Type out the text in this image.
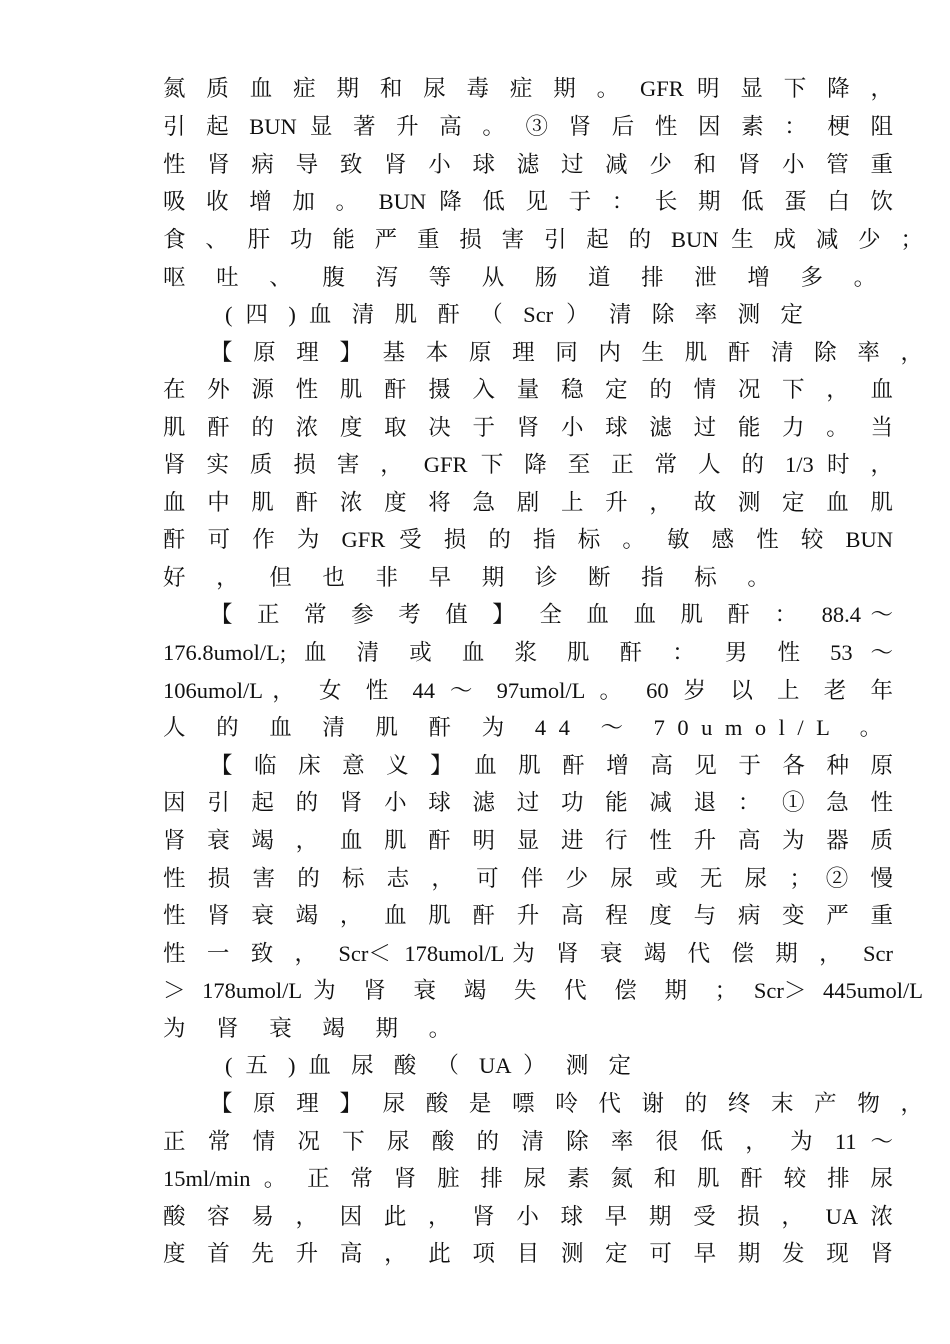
氮 质 血 症 期 和 尿 毒 症 期 。 GFR 明 显 下 降 ，
引 起 BUN 显 著 升 高 。 ③ 肾 后 性 因 素 ： 梗 阻
性 肾 病 导 致 肾 小 球 滤 过 减 少 和 肾 小 管 重
吸 收 增 加 。 BUN 降 低 见 于 ： 长 期 低 蛋 白 饮
食 、 肝 功 能 严 重 损 害 引 起 的 BUN 生 成 减 少 ；
呕 吐 、 腹 泻 等 从 肠 道 排 泄 增 多 。
( 四 ) 血 清 肌 酐 （ Scr ） 清 除 率 测 定
【 原 理 】 基 本 原 理 同 内 生 肌 酐 清 除 率 ，
在 外 源 性 肌 酐 摄 入 量 稳 定 的 情 况 下 ， 血
肌 酐 的 浓 度 取 决 于 肾 小 球 滤 过 能 力 。 当
肾 实 质 损 害 ， GFR 下 降 至 正 常 人 的 1/3 时 ，
血 中 肌 酐 浓 度 将 急 剧 上 升 ， 故 测 定 血 肌
酐 可 作 为 GFR 受 损 的 指 标 。 敏 感 性 较 BUN
好 ， 但 也 非 早 期 诊 断 指 标 。
【 正 常 参 考 值 】 全 血 血 肌 酐 ： 88.4～
176.8umol/L; 血 清 或 血 浆 肌 酐 ： 男 性 53 ～
106umol/L， 女 性 44 ～ 97umol/L 。 60 岁 以 上 老 年
人 的 血 清 肌 酐 为 44 ～ 70umol/L 。
【 临 床 意 义 】 血 肌 酐 增 高 见 于 各 种 原
因 引 起 的 肾 小 球 滤 过 功 能 减 退 ： ① 急 性
肾 衰 竭 ， 血 肌 酐 明 显 进 行 性 升 高 为 器 质
性 损 害 的 标 志 ， 可 伴 少 尿 或 无 尿 ； ② 慢
性 肾 衰 竭 ， 血 肌 酐 升 高 程 度 与 病 变 严 重
性 一 致 ， Scr＜ 178umol/L为 肾 衰 竭 代 偿 期 ， Scr
＞ 178umol/L为 肾 衰 竭 失 代 偿 期 ； Scr＞ 445umol/L
为 肾 衰 竭 期 。
( 五 ) 血 尿 酸 （ UA ） 测 定
【 原 理 】 尿 酸 是 嘌 呤 代 谢 的 终 末 产 物 ，
正 常 情 况 下 尿 酸 的 清 除 率 很 低 ， 为 11 ～
15ml/min 。 正 常 肾 脏 排 尿 素 氮 和 肌 酐 较 排 尿
酸 容 易 ， 因 此 ， 肾 小 球 早 期 受 损 ， UA 浓
度 首 先 升 高 ， 此 项 目 测 定 可 早 期 发 现 肾
